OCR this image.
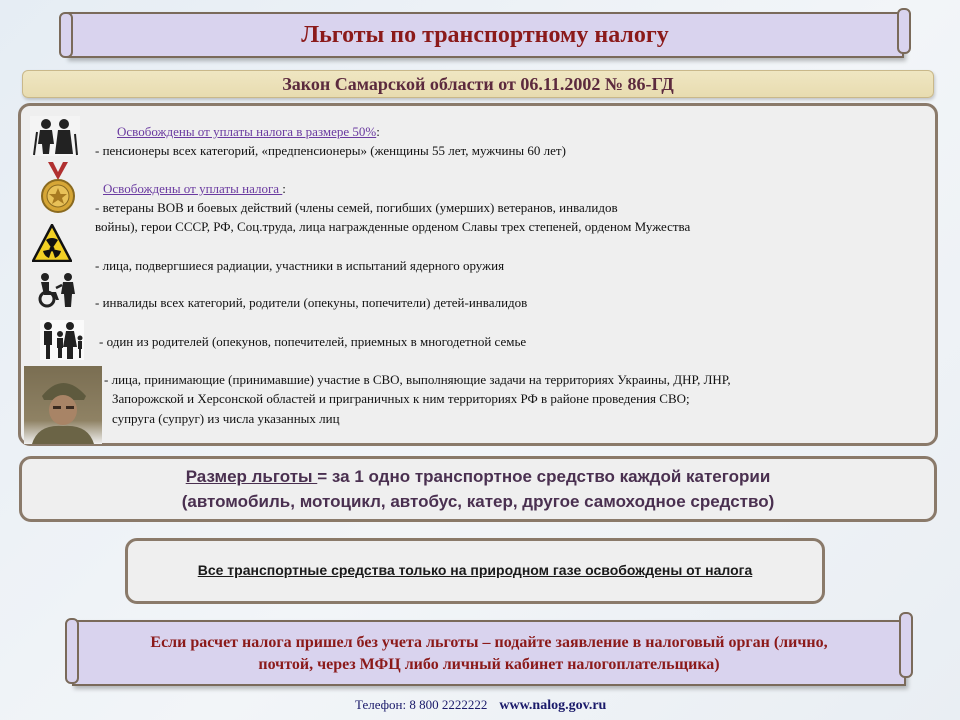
Льготы по транспортному налогу
Закон Самарской области от 06.11.2002 № 86-ГД
Освобождены от уплаты налога в размере 50%:
- пенсионеры всех категорий, «предпенсионеры» (женщины 55 лет, мужчины 60 лет)
Освобождены от уплаты налога :
- ветераны ВОВ и боевых действий (члены семей, погибших (умерших) ветеранов, инвалидов
войны), герои СССР, РФ, Соц.труда, лица награжденные орденом Славы трех степеней, орденом Мужества
- лица, подвергшиеся радиации, участники в испытаний ядерного оружия
- инвалиды всех категорий, родители (опекуны, попечители) детей-инвалидов
- один из родителей (опекунов, попечителей, приемных в многодетной семье
- лица, принимающие (принимавшие) участие в СВО, выполняющие задачи на территориях Украины, ДНР, ЛНР,
Запорожской и Херсонской областей и приграничных к ним территориях РФ в районе проведения СВО;
супруга (супруг) из числа указанных лиц
Размер льготы = за 1 одно транспортное средство каждой категории
(автомобиль, мотоцикл, автобус, катер, другое самоходное средство)
Все транспортные средства только на природном газе освобождены от налога
Если расчет налога пришел без учета льготы – подайте заявление в налоговый орган (лично,
почтой, через МФЦ либо личный кабинет налогоплательщика)
Телефон: 8 800 2222222 www.nalog.gov.ru
